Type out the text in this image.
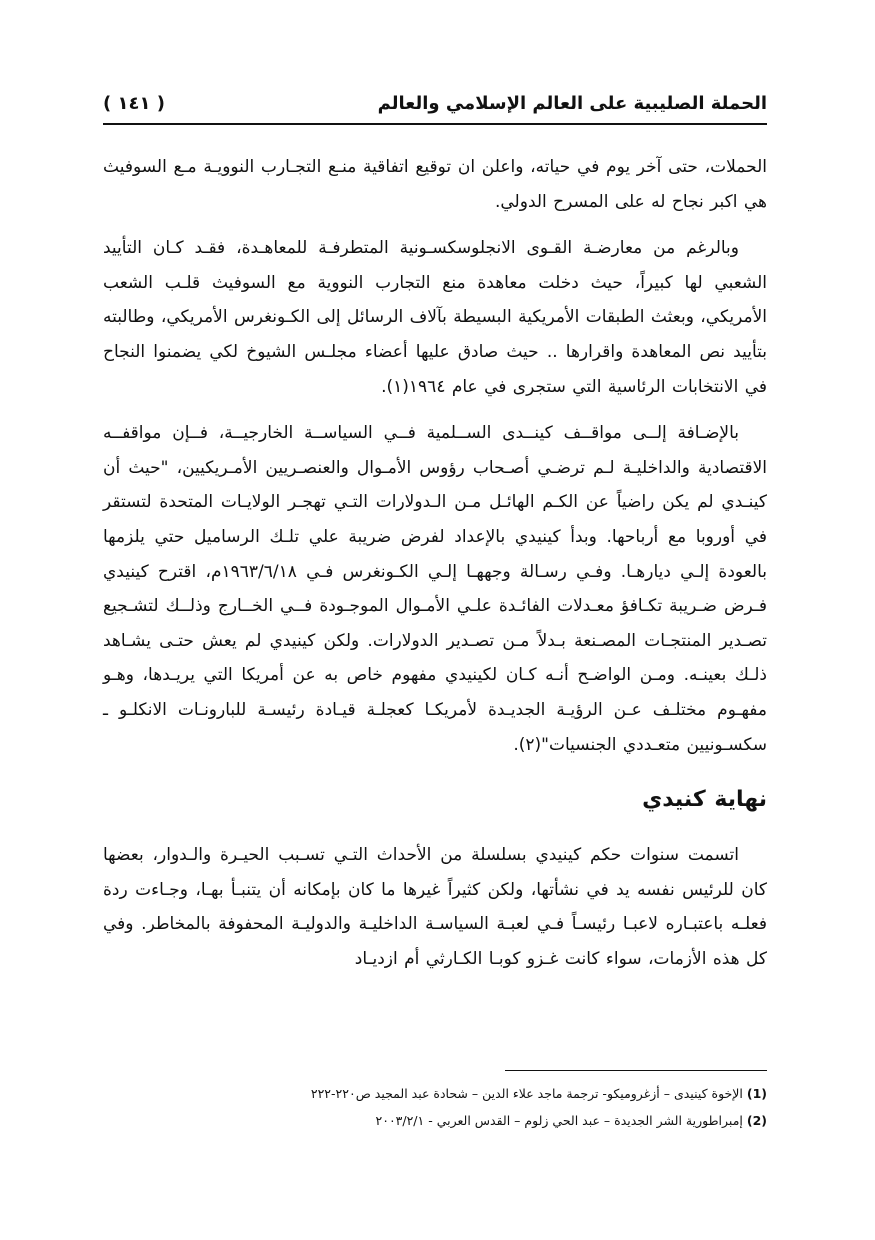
الحملة الصليبية على العالم الإسلامي والعالم
( ١٤١ )

الحملات، حتى آخر يوم في حياته، واعلن ان توقيع اتفاقية منـع التجـارب النوويـة مـع السوفيث هي اكبر نجاح له على المسرح الدولي.

وبالرغم من معارضـة القـوى الانجلوسكسـونية المتطرفـة للمعاهـدة، فقـد كـان التأييد الشعبي لها كبيراً، حيث دخلت معاهدة منع التجارب النووية مع السوفيث قلـب الشعب الأمريكي، وبعثث الطبقات الأمريكية البسيطة بآلاف الرسائل إلى الكـونغرس الأمريكي، وطالبته بتأييد نص المعاهدة واقرارها .. حيث صادق عليها أعضاء مجلـس الشيوخ لكي يضمنوا النجاح في الانتخابات الرئاسية التي ستجرى في عام ١٩٦٤(١).

بالإضـافة إلــى مواقــف كينــدى الســلمية فــي السياســة الخارجيــة، فــإن مواقفــه الاقتصادية والداخليـة لـم ترضـي أصـحاب رؤوس الأمـوال والعنصـريين الأمـريكيين، "حيث أن كينـدي لم يكن راضياً عن الكـم الهائـل مـن الـدولارات التـي تهجـر الولايـات المتحدة لتستقر في أوروبا مع أرباحها. وبدأ كينيدي بالإعداد لفرض ضريبة علي تلـك الرساميل حتي يلزمها بالعودة إلـي ديارهـا. وفـي رسـالة وجههـا إلـي الكـونغرس فـي ١٩٦٣/٦/١٨م، اقترح كينيدي فـرض ضـريبة تكـافؤ معـدلات الفائـدة علـي الأمـوال الموجـودة فــي الخــارج وذلــك لتشـجيع تصـدير المنتجـات المصـنعة بـدلاً مـن تصـدير الدولارات. ولكن كينيدي لم يعش حتـى يشـاهد ذلـك بعينـه. ومـن الواضـح أنـه كـان لكينيدي مفهوم خاص به عن أمريكا التي يريـدها، وهـو مفهـوم مختلـف عـن الرؤيـة الجديـدة لأمريكـا كعجلـة قيـادة رئيسـة للبارونـات الانكلـو ـ سكسـونيين متعـددي الجنسيات"(٢).

نهاية كنيدي

اتسمت سنوات حكم كينيدي بسلسلة من الأحداث التـي تسـبب الحيـرة والـدوار، بعضها كان للرئيس نفسه يد في نشأتها، ولكن كثيراً غيرها ما كان بإمكانه أن يتنبـأ بهـا، وجـاءت ردة فعلـه باعتبـاره لاعبـا رئيسـاً فـي لعبـة السياسـة الداخليـة والدوليـة المحفوفة بالمخاطر. وفي كل هذه الأزمات، سواء كانت غـزو كوبـا الكـارثي أم ازديـاد

(1) الإخوة كينيدى – أزغروميكو- ترجمة ماجد علاء الدين – شحادة عبد المجيد ص٢٢٠-٢٢٢
(2) إمبراطورية الشر الجديدة – عبد الحي زلوم – القدس العربي - ٢٠٠٣/٢/١
